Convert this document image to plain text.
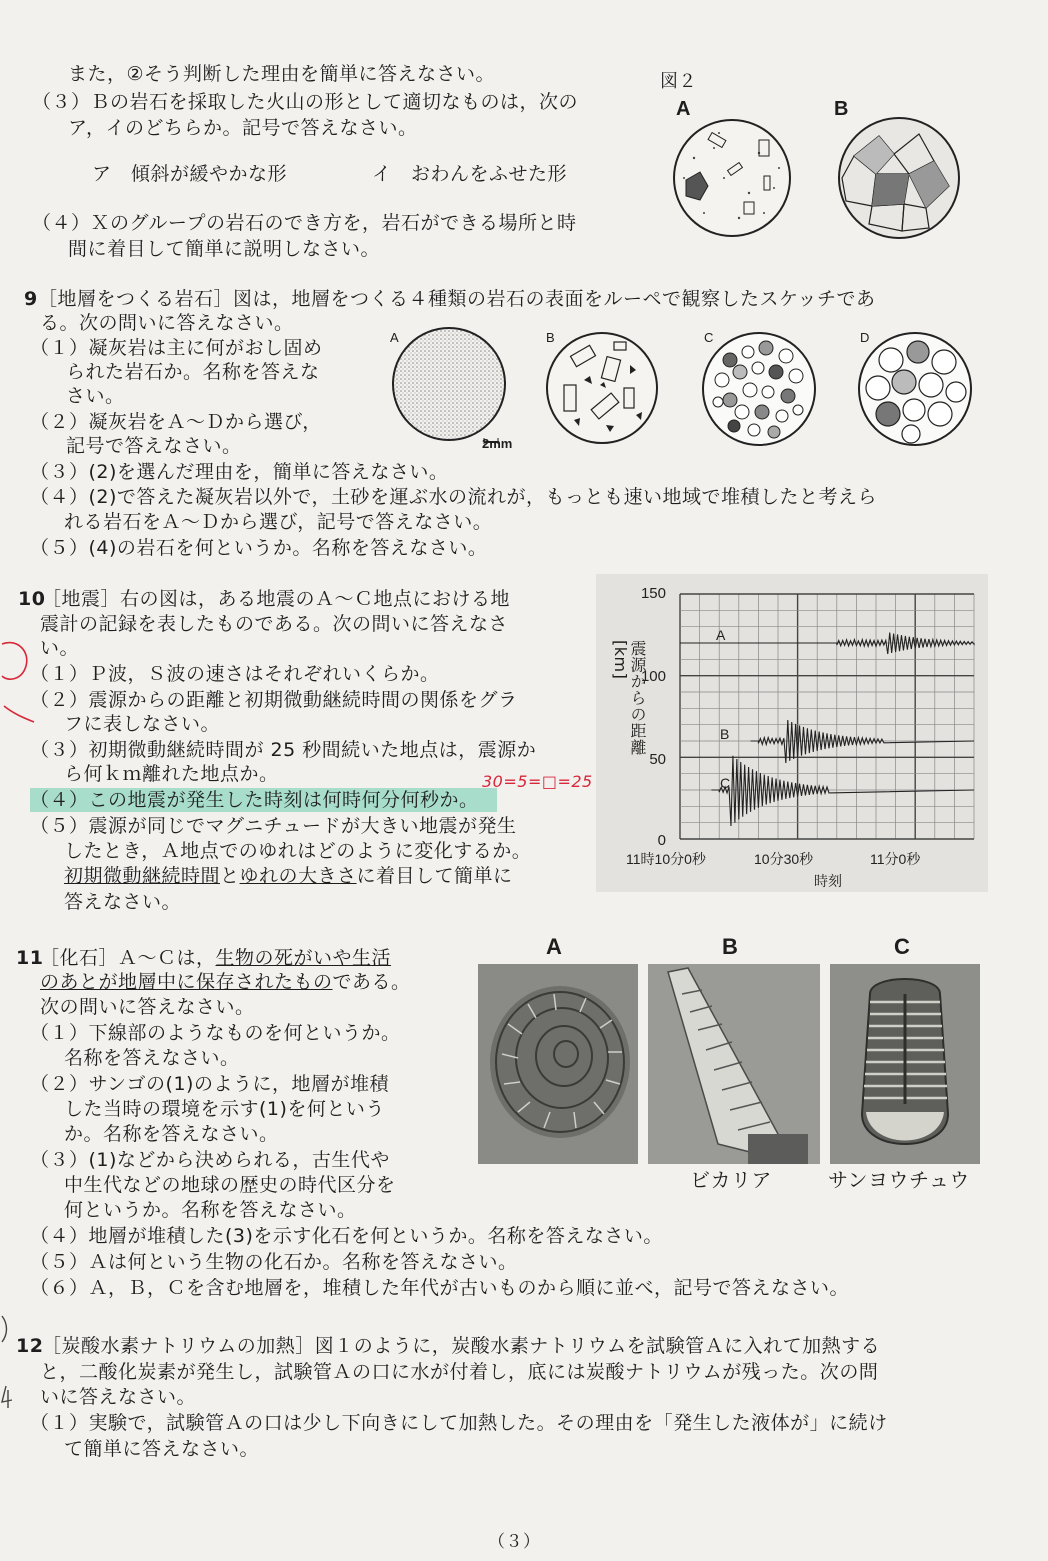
また，②そう判断した理由を簡単に答えなさい。
（３）Ｂの岩石を採取した火山の形として適切なものは，次の
ア，イのどちらか。記号で答えなさい。
ア　傾斜が緩やかな形	イ　おわんをふせた形
（４）Ｘのグループの岩石のでき方を，岩石ができる場所と時
間に着目して簡単に説明しなさい。
図２
A	B
9 ［地層をつくる岩石］図は，地層をつくる４種類の岩石の表面をルーペで観察したスケッチであ
る。次の問いに答えなさい。
（１）凝灰岩は主に何がおし固め
られた岩石か。名称を答えな
さい。
（２）凝灰岩をＡ～Ｄから選び，
記号で答えなさい。
（３）(2)を選んだ理由を，簡単に答えなさい。
（４）(2)で答えた凝灰岩以外で，土砂を運ぶ水の流れが，もっとも速い地域で堆積したと考えら
れる岩石をＡ～Ｄから選び，記号で答えなさい。
（５）(4)の岩石を何というか。名称を答えなさい。
A	B	C	D
2mm
10
［地震］右の図は，ある地震のＡ～Ｃ地点における地
震計の記録を表したものである。次の問いに答えなさ
い。
（１）Ｐ波，Ｓ波の速さはそれぞれいくらか。
（２）震源からの距離と初期微動継続時間の関係をグラ
フに表しなさい。
（３）初期微動継続時間が 25 秒間続いた地点は，震源か
ら何ｋｍ離れた地点か。
（４）この地震が発生した時刻は何時何分何秒か。
30=5=□=25
（５）震源が同じでマグニチュードが大きい地震が発生
したとき，Ａ地点でのゆれはどのように変化するか。
初期微動継続時間とゆれの大きさに着目して簡単に
答えなさい。
150
100
50
0
11時10分0秒	10分30秒	11分0秒
時刻
A
B
C
震源からの距離[km]
11
［化石］Ａ～Ｃは，生物の死がいや生活
のあとが地層中に保存されたものである。
次の問いに答えなさい。
（１）下線部のようなものを何というか。
名称を答えなさい。
（２）サンゴの(1)のように，地層が堆積
した当時の環境を示す(1)を何という
か。名称を答えなさい。
（３）(1)などから決められる，古生代や
中生代などの地球の歴史の時代区分を
何というか。名称を答えなさい。
（４）地層が堆積した(3)を示す化石を何というか。名称を答えなさい。
（５）Ａは何という生物の化石か。名称を答えなさい。
（６）Ａ，Ｂ，Ｃを含む地層を，堆積した年代が古いものから順に並べ，記号で答えなさい。
A	B	C
ビカリア	サンヨウチュウ
12
［炭酸水素ナトリウムの加熱］図１のように，炭酸水素ナトリウムを試験管Ａに入れて加熱する
と，二酸化炭素が発生し，試験管Ａの口に水が付着し，底には炭酸ナトリウムが残った。次の問
いに答えなさい。
（１）実験で，試験管Ａの口は少し下向きにして加熱した。その理由を「発生した液体が」に続け
て簡単に答えなさい。
（３）
